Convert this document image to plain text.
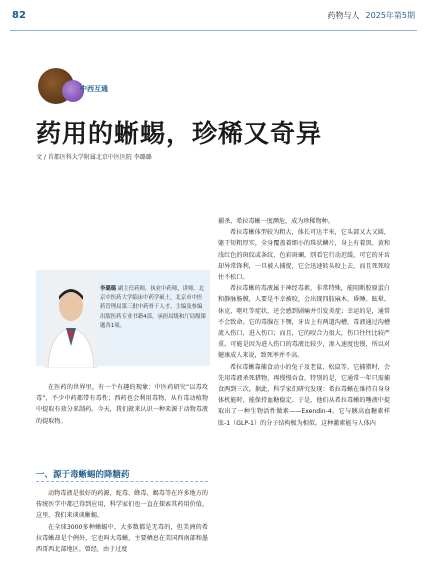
82	药物与人 2025年第5期
中西互通
药用的蜥蜴，珍稀又奇异
文 / 首都医科大学附属北京中医医院 李璐璐
李璐璐 副主任药师，执业中药师，讲师。北京中医药大学临床中药学硕士，北京市中医药管理局第三批中药骨干人才，主编及参编出版医药专业书籍4部，承担局级和厅局级课题各1项。

在医药的世界里，有一个有趣的现象：中医药研究“以毒攻毒”，不少中药都带有毒性；西药也会利用毒物，从有毒动植物中提取有效分来制药。今天，我们就来认识一种来源于动物毒液的提取物。

一、源于毒蜥蜴的降糖药

动物毒液是很好的药源，蛇毒、蜂毒、蝎毒等在许多地方的传统医学中都已得到应用，科学家们也一直在探索其药用价值。这里，我们来谈谈蜥蜴。

在全球3000多种蜥蜴中，大多数都是无毒的，但美洲的希拉毒蜥却是个例外，它也叫大毒蜥，主要栖息在美国西南部和墨西哥西北部地区。曾经，由于过度

捕杀，希拉毒蜥一度濒危，成为珍稀物种。

希拉毒蜥体型较为粗大，体长可达半米，它头部又大又圆，躯干短粗厚实，全身覆盖着细小的珠状鳞片，身上有着黑、黄和浅红色的斑纹或条纹，色彩斑斓，别看它行动迟缓，可它的牙齿却异常锋利，一旦被人捕捉，它会迅速转头咬上去，而且死死咬住不松口。

希拉毒蜥的毒液属于神经毒素，非常特殊，能阻断胶原蛋白和静脉肠膜，人要是不幸被咬，会出现四肢麻木，昏睡、眩晕、休克、呕吐等症状，还会感到剧痛并引发炎症；幸运的是，通常不会致命。它的毒腺在下颚，牙齿上有两道沟槽，毒液通过沟槽流入伤口，进入伤口；而且，它的咬合力很大，伤口往往比较严重。可能是因为进入伤口的毒液比较少，渗入速度也慢，所以对健康成人来说，致死率并不高。

希拉毒蜥靠捕食动小的兔子及老鼠、松鼠等。它捕猎时，会先用毒液杀死猎物，再慢慢吞食，特别的是，它通常一年只需捕食两到三次。据此，科学家们研究发现：希拉毒蜥在维持自身身体机能时，能保持血糖稳定。于是，他们从希拉毒蜥的唾液中提取出了一种生物活性做素——Exendin-4。它与胰高血糖素样肽-1（GLP-1）的分子结构极为相似。这种激素能与人体内
